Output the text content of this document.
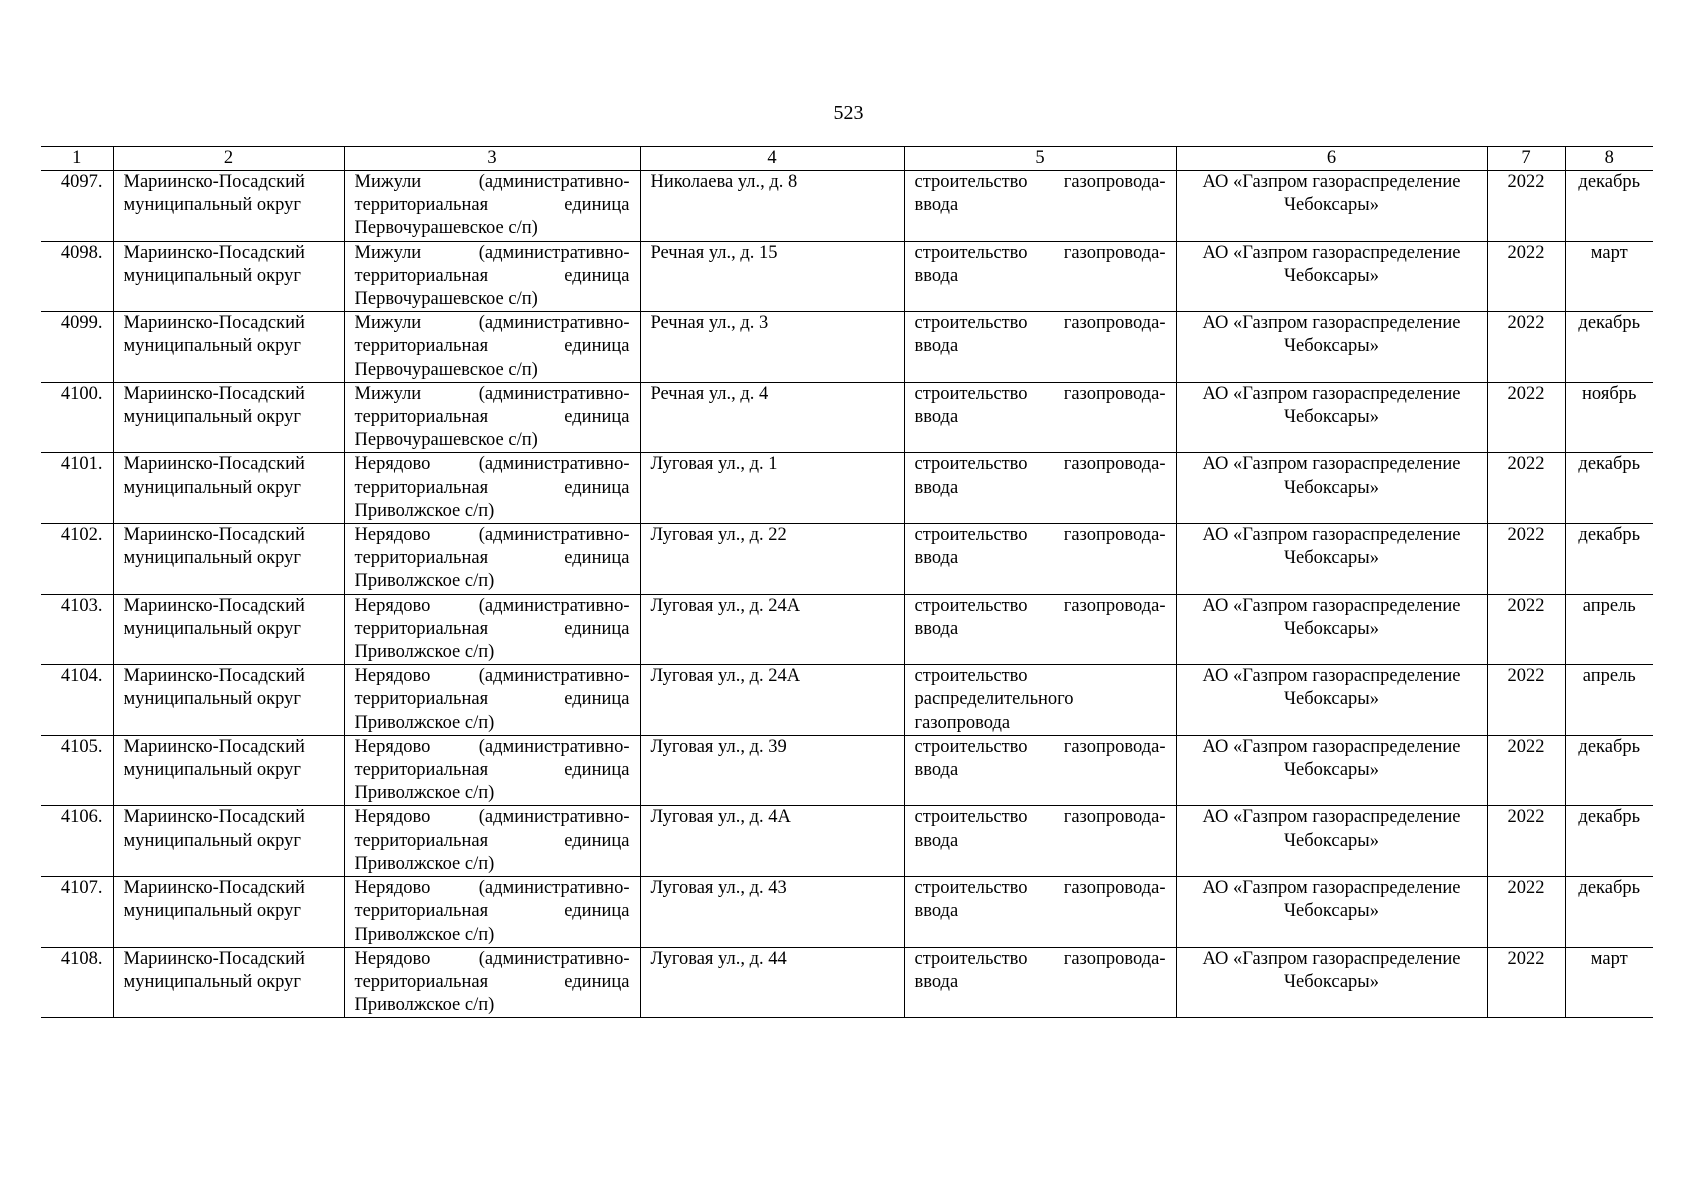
523
1	2	3	4	5	6	7	8
4097.	Мариинско-Посадский муниципальный округ	Мижули (административно-территориальная единица Первочурашевское с/п)	Николаева ул., д. 8	строительство газопровода-ввода	АО «Газпром газораспределение Чебоксары»	2022	декабрь
4098.	Мариинско-Посадский муниципальный округ	Мижули (административно-территориальная единица Первочурашевское с/п)	Речная ул., д. 15	строительство газопровода-ввода	АО «Газпром газораспределение Чебоксары»	2022	март
4099.	Мариинско-Посадский муниципальный округ	Мижули (административно-территориальная единица Первочурашевское с/п)	Речная ул., д. 3	строительство газопровода-ввода	АО «Газпром газораспределение Чебоксары»	2022	декабрь
4100.	Мариинско-Посадский муниципальный округ	Мижули (административно-территориальная единица Первочурашевское с/п)	Речная ул., д. 4	строительство газопровода-ввода	АО «Газпром газораспределение Чебоксары»	2022	ноябрь
4101.	Мариинско-Посадский муниципальный округ	Нерядово (административно-территориальная единица Приволжское с/п)	Луговая ул., д. 1	строительство газопровода-ввода	АО «Газпром газораспределение Чебоксары»	2022	декабрь
4102.	Мариинско-Посадский муниципальный округ	Нерядово (административно-территориальная единица Приволжское с/п)	Луговая ул., д. 22	строительство газопровода-ввода	АО «Газпром газораспределение Чебоксары»	2022	декабрь
4103.	Мариинско-Посадский муниципальный округ	Нерядово (административно-территориальная единица Приволжское с/п)	Луговая ул., д. 24А	строительство газопровода-ввода	АО «Газпром газораспределение Чебоксары»	2022	апрель
4104.	Мариинско-Посадский муниципальный округ	Нерядово (административно-территориальная единица Приволжское с/п)	Луговая ул., д. 24А	строительство распределительного газопровода	АО «Газпром газораспределение Чебоксары»	2022	апрель
4105.	Мариинско-Посадский муниципальный округ	Нерядово (административно-территориальная единица Приволжское с/п)	Луговая ул., д. 39	строительство газопровода-ввода	АО «Газпром газораспределение Чебоксары»	2022	декабрь
4106.	Мариинско-Посадский муниципальный округ	Нерядово (административно-территориальная единица Приволжское с/п)	Луговая ул., д. 4А	строительство газопровода-ввода	АО «Газпром газораспределение Чебоксары»	2022	декабрь
4107.	Мариинско-Посадский муниципальный округ	Нерядово (административно-территориальная единица Приволжское с/п)	Луговая ул., д. 43	строительство газопровода-ввода	АО «Газпром газораспределение Чебоксары»	2022	декабрь
4108.	Мариинско-Посадский муниципальный округ	Нерядово (административно-территориальная единица Приволжское с/п)	Луговая ул., д. 44	строительство газопровода-ввода	АО «Газпром газораспределение Чебоксары»	2022	март
